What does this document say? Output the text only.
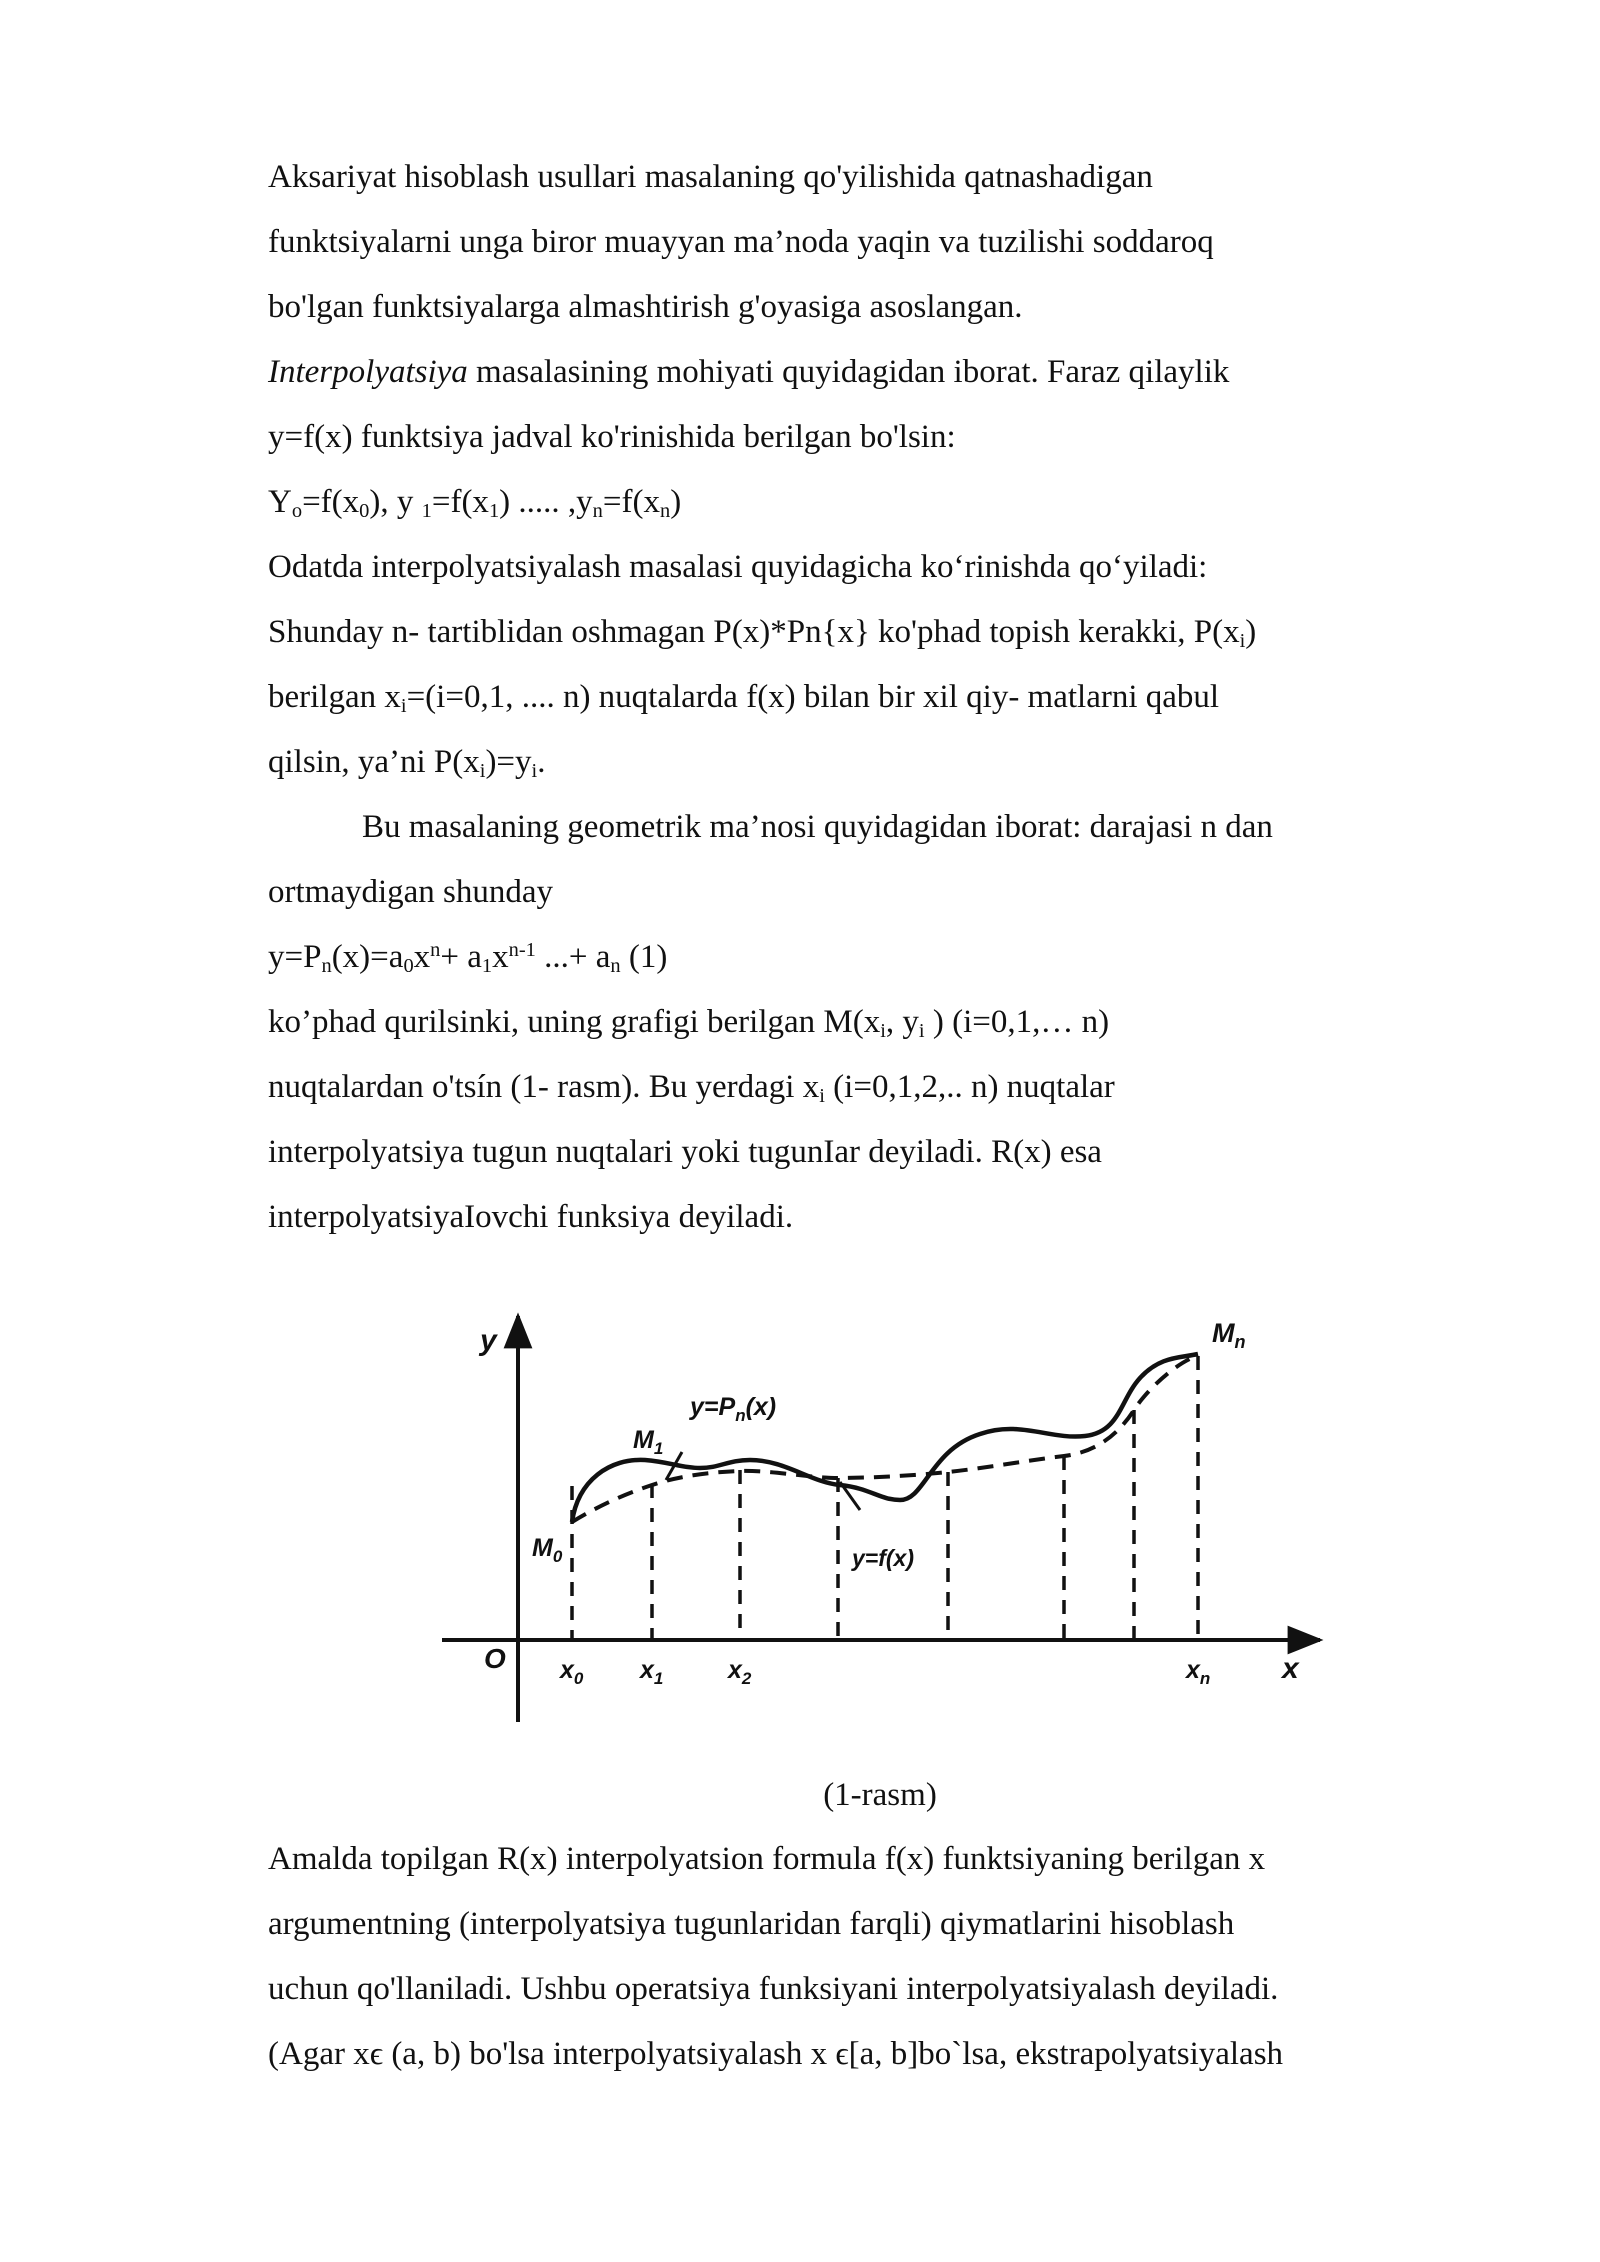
Aksariyat hisoblash usullari masalaning qo'yilishida qatnashadigan
funktsiyalarni unga biror muayyan ma’noda yaqin va tuzilishi soddaroq
bo'lgan funktsiyalarga almashtirish g'oyasiga asoslangan.
Interpolyatsiya masalasining mohiyati quyidagidan iborat. Faraz qilaylik
y=f(x) funktsiya jadval ko'rinishida berilgan bo'lsin:
$Y_o=f(x_0)$, y $_1=f(x_1)$ ..... $,y_n=f(x_n)$
Odatda interpolyatsiyalash masalasi quyidagicha ko‘rinishda qo‘yiladi:
Shunday n- tartiblidan oshmagan P(x)*Pn{x} ko'phad topish kerakki, $P(x_i)$
berilgan $x_i=(i=0,1$, .... n) nuqtalarda f(x) bilan bir xil qiy- matlarni qabul
qilsin, ya’ni $P(x_i)=y_i$.
Bu masalaning geometrik ma’nosi quyidagidan iborat: darajasi n dan
ortmaydigan shunday
$y=P_n(x)=a_0x^n+ a_1x^{n-1}$ ...+ $a_n$ (1)
ko’phad qurilsinki, uning grafigi berilgan $M(x_i$, $y_i$ ) (i=0,1,… n)
nuqtalardan o'tsín (1- rasm). Bu yerdagi $x_i$ (i=0,1,2,.. n) nuqtalar
interpolyatsiya tugun nuqtalari yoki tugunIar deyiladi. R(x) esa
interpolyatsiyaIovchi funksiya deyiladi.
y
x
O
$M_0$
$M_1$
$M_n$
$x_0$ $x_1$	$x_2$	$x_n$
$y=P_n(x)$
y=f(x)
(1-rasm)
Amalda topilgan R(x) interpolyatsion formula f(x) funktsiyaning berilgan x
argumentning (interpolyatsiya tugunlaridan farqli) qiymatlarini hisoblash
uchun qo'llaniladi. Ushbu operatsiya funksiyani interpolyatsiyalash deyiladi.
(Agar xϵ (a, b) bo'lsa interpolyatsiyalash x ϵ[a, b]bo`lsa, ekstrapolyatsiyalash
